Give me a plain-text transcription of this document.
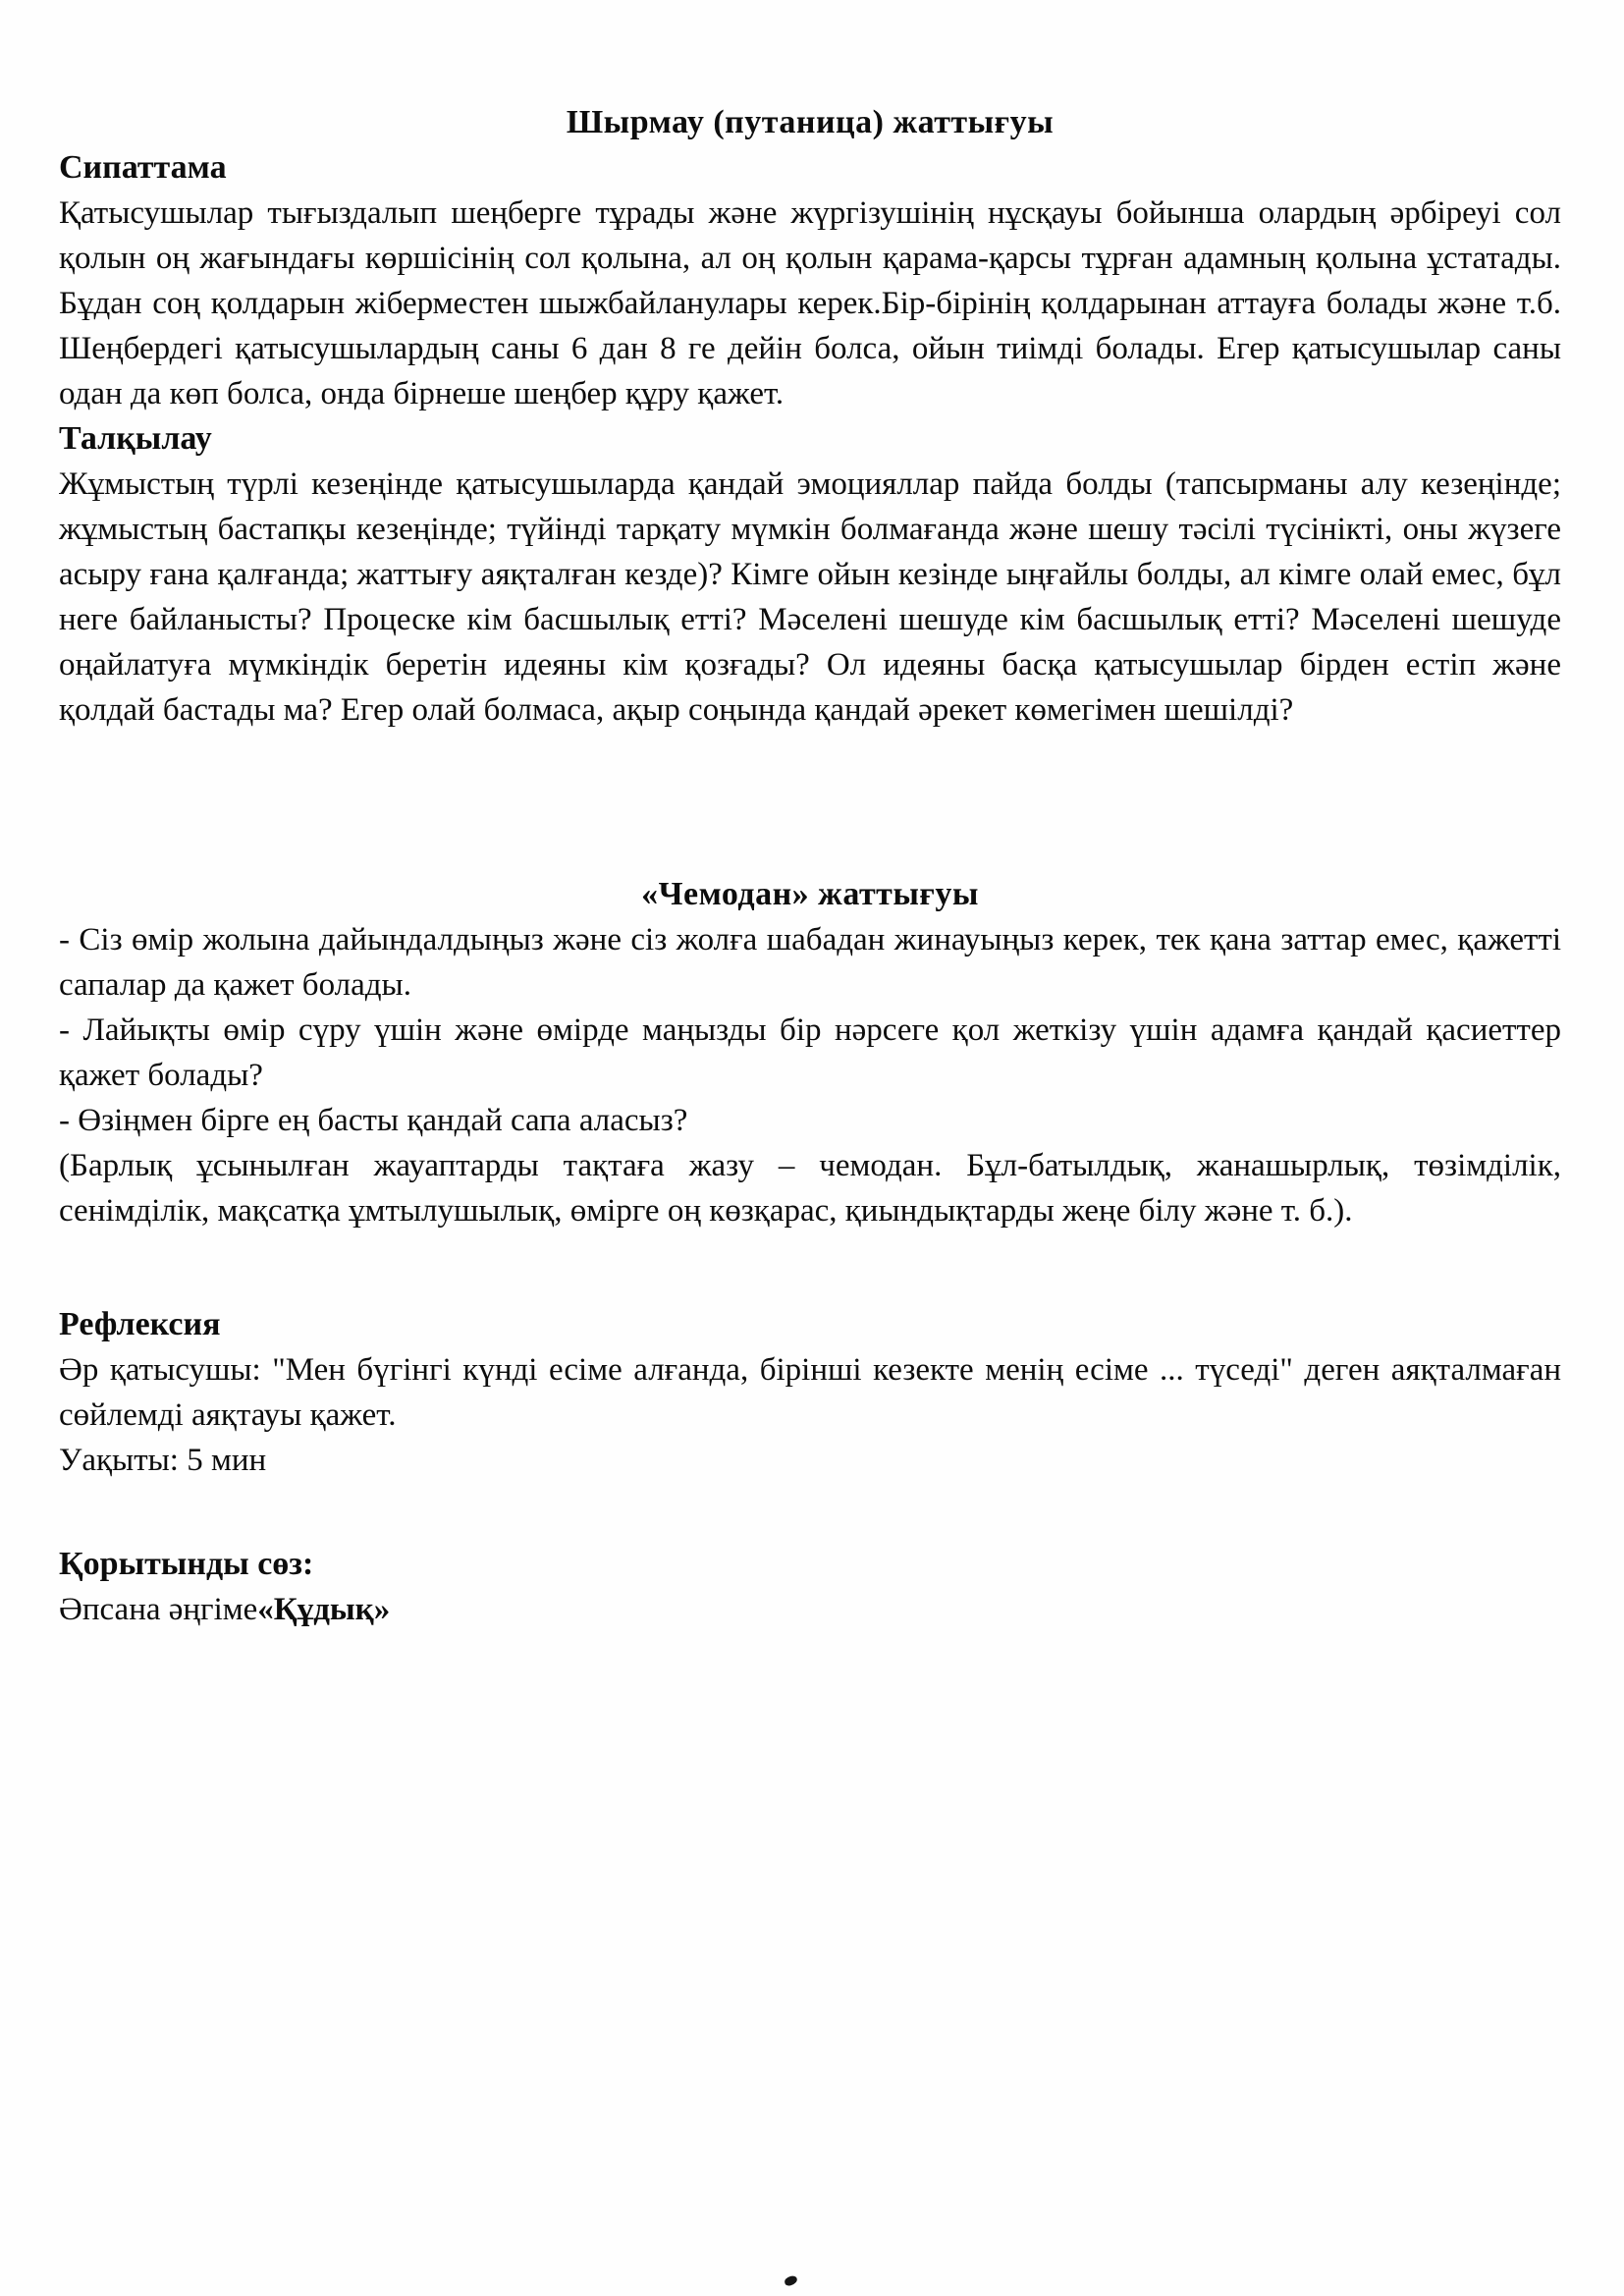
Шырмау (путаница) жаттығуы
Сипаттама

Қатысушылар тығыздалып шеңберге тұрады және жүргізушінің нұсқауы бойынша олардың әрбіреуі сол қолын оң жағындағы көршісінің сол қолына, ал оң қолын қарама-қарсы тұрған адамның қолына ұстатады. Бұдан соң қолдарын жіберместен шыжбайланулары керек.Бір-бірінің қолдарынан аттауға болады және т.б. Шеңбердегі қатысушылардың саны 6 дан 8 ге дейін болса, ойын тиімді болады. Егер қатысушылар саны одан да көп болса, онда бірнеше шеңбер құру қажет.

Талқылау

Жұмыстың түрлі кезеңінде қатысушыларда қандай эмоцияллар пайда болды (тапсырманы алу кезеңінде; жұмыстың бастапқы кезеңінде; түйінді тарқату мүмкін болмағанда және шешу тәсілі түсінікті, оны жүзеге асыру ғана қалғанда; жаттығу аяқталған кезде)? Кімге ойын кезінде ыңғайлы болды, ал кімге олай емес, бұл неге байланысты? Процеске кім басшылық етті? Мәселені шешуде кім басшылық етті? Мәселені шешуде оңайлатуға мүмкіндік беретін идеяны кім қозғады? Ол идеяны басқа қатысушылар бірден естіп және қолдай бастады ма? Егер олай болмаса, ақыр соңында қандай әрекет көмегімен шешілді?

«Чемодан» жаттығуы

- Сіз өмір жолына дайындалдыңыз және сіз жолға шабадан жинауыңыз керек, тек қана заттар емес, қажетті сапалар да қажет болады.

- Лайықты өмір сүру үшін және өмірде маңызды бір нәрсеге қол жеткізу үшін адамға қандай қасиеттер қажет болады?

- Өзіңмен бірге ең басты қандай сапа аласыз?

(Барлық ұсынылған жауаптарды тақтаға жазу – чемодан. Бұл-батылдық, жанашырлық, төзімділік, сенімділік, мақсатқа ұмтылушылық, өмірге оң көзқарас, қиындықтарды жеңе білу және т. б.).

Рефлексия

Әр қатысушы: "Мен бүгінгі күнді есіме алғанда, бірінші кезекте менің есіме ... түседі" деген аяқталмаған сөйлемді аяқтауы қажет.

Уақыты: 5 мин

Қорытынды сөз:

Әпсана әңгіме«Құдық»
